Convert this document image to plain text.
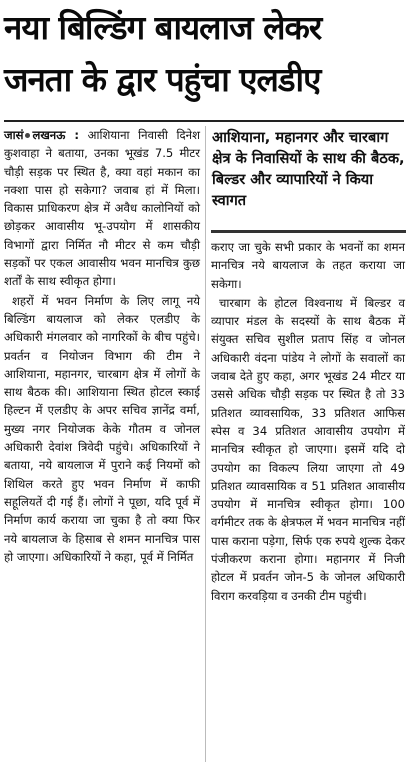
नया बिल्डिंग बायलाज लेकर
जनता के द्वार पहुंचा एलडीए

जासं लखनऊ : आशियाना निवासी दिनेश कुशवाहा ने बताया, उनका भूखंड 7.5 मीटर चौड़ी सड़क पर स्थित है, क्या वहां मकान का नक्शा पास हो सकेगा? जवाब हां में मिला। विकास प्राधिकरण क्षेत्र में अवैध कालोनियों को छोड़कर आवासीय भू-उपयोग में शासकीय विभागों द्वारा निर्मित नौ मीटर से कम चौड़ी सड़कों पर एकल आवासीय भवन मानचित्र कुछ शर्तों के साथ स्वीकृत होगा।

शहरों में भवन निर्माण के लिए लागू नये बिल्डिंग बायलाज को लेकर एलडीए के अधिकारी मंगलवार को नागरिकों के बीच पहुंचे। प्रवर्तन व नियोजन विभाग की टीम ने आशियाना, महानगर, चारबाग क्षेत्र में लोगों के साथ बैठक की। आशियाना स्थित होटल स्काई हिल्टन में एलडीए के अपर सचिव ज्ञानेंद्र वर्मा, मुख्य नगर नियोजक केके गौतम व जोनल अधिकारी देवांश त्रिवेदी पहुंचे। अधिकारियों ने बताया, नये बायलाज में पुराने कई नियमों को शिथिल करते हुए भवन निर्माण में काफी सहूलियतें दी गई हैं। लोगों ने पूछा, यदि पूर्व में निर्माण कार्य कराया जा चुका है तो क्या फिर नये बायलाज के हिसाब से शमन मानचित्र पास हो जाएगा। अधिकारियों ने कहा, पूर्व में निर्मित

आशियाना, महानगर और चारबाग क्षेत्र के निवासियों के साथ की बैठक, बिल्डर और व्यापारियों ने किया स्वागत

कराए जा चुके सभी प्रकार के भवनों का शमन मानचित्र नये बायलाज के तहत कराया जा सकेगा।

चारबाग के होटल विश्वनाथ में बिल्डर व व्यापार मंडल के सदस्यों के साथ बैठक में संयुक्त सचिव सुशील प्रताप सिंह व जोनल अधिकारी वंदना पांडेय ने लोगों के सवालों का जवाब देते हुए कहा, अगर भूखंड 24 मीटर या उससे अधिक चौड़ी सड़क पर स्थित है तो 33 प्रतिशत व्यावसायिक, 33 प्रतिशत आफिस स्पेस व 34 प्रतिशत आवासीय उपयोग में मानचित्र स्वीकृत हो जाएगा। इसमें यदि दो उपयोग का विकल्प लिया जाएगा तो 49 प्रतिशत व्यावसायिक व 51 प्रतिशत आवासीय उपयोग में मानचित्र स्वीकृत होगा। 100 वर्गमीटर तक के क्षेत्रफल में भवन मानचित्र नहीं पास कराना पड़ेगा, सिर्फ एक रुपये शुल्क देकर पंजीकरण कराना होगा। महानगर में निजी होटल में प्रवर्तन जोन-5 के जोनल अधिकारी विराग करवड़िया व उनकी टीम पहुंची।
